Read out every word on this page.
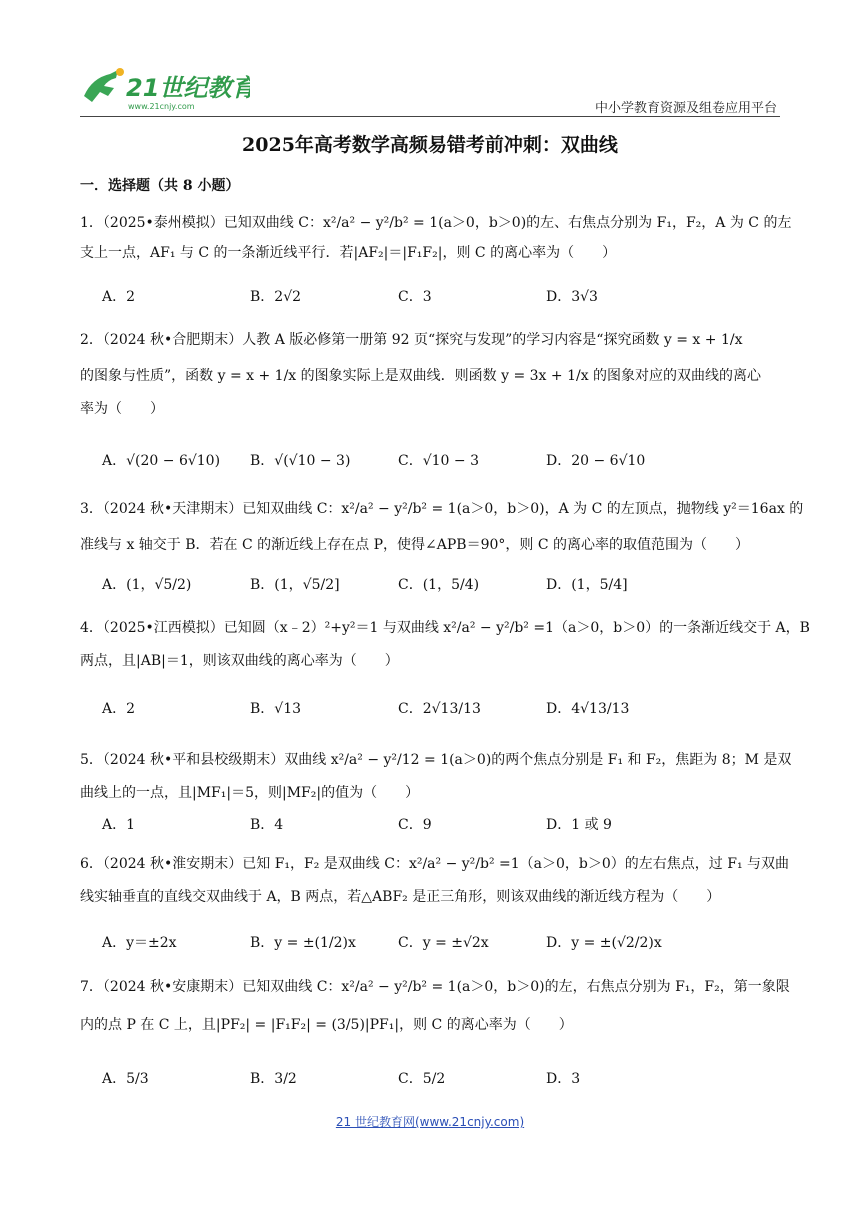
21世纪教育
www.21cnjy.com	中小学教育资源及组卷应用平台
2025年高考数学高频易错考前冲刺：双曲线
一．选择题（共 8 小题）
1．（2025•泰州模拟）已知双曲线 C：x²/a² − y²/b² = 1(a＞0，b＞0)的左、右焦点分别为 F₁，F₂，A 为 C 的左
支上一点，AF₁ 与 C 的一条渐近线平行．若|AF₂|＝|F₁F₂|，则 C 的离心率为（　　）
A．2	B．2√2	C．3	D．3√3
2．（2024 秋•合肥期末）人教 A 版必修第一册第 92 页“探究与发现”的学习内容是“探究函数 y = x + 1/x
的图象与性质”，函数 y = x + 1/x 的图象实际上是双曲线．则函数 y = 3x + 1/x 的图象对应的双曲线的离心
率为（　　）
A．√(20 − 6√10)	B．√(√10 − 3)	C．√10 − 3	D．20 − 6√10
3．（2024 秋•天津期末）已知双曲线 C：x²/a² − y²/b² = 1(a＞0，b＞0)，A 为 C 的左顶点，抛物线 y²＝16ax 的
准线与 x 轴交于 B．若在 C 的渐近线上存在点 P，使得∠APB＝90°，则 C 的离心率的取值范围为（　　）
A．(1，√5/2)	B．(1，√5/2]	C．(1，5/4)	D．(1，5/4]
4．（2025•江西模拟）已知圆（x﹣2）²+y²＝1 与双曲线 x²/a² − y²/b² =1（a＞0，b＞0）的一条渐近线交于 A，B
两点，且|AB|＝1，则该双曲线的离心率为（　　）
A．2	B．√13	C．2√13/13	D．4√13/13
5．（2024 秋•平和县校级期末）双曲线 x²/a² − y²/12 = 1(a＞0)的两个焦点分别是 F₁ 和 F₂，焦距为 8；M 是双
曲线上的一点，且|MF₁|＝5，则|MF₂|的值为（　　）
A．1	B．4	C．9	D．1 或 9
6．（2024 秋•淮安期末）已知 F₁，F₂ 是双曲线 C：x²/a² − y²/b² =1（a＞0，b＞0）的左右焦点，过 F₁ 与双曲
线实轴垂直的直线交双曲线于 A，B 两点，若△ABF₂ 是正三角形，则该双曲线的渐近线方程为（　　）
A．y＝±2x	B．y = ±(1/2)x	C．y = ±√2x	D．y = ±(√2/2)x
7．（2024 秋•安康期末）已知双曲线 C：x²/a² − y²/b² = 1(a＞0，b＞0)的左，右焦点分别为 F₁，F₂，第一象限
内的点 P 在 C 上，且|PF₂| = |F₁F₂| = (3/5)|PF₁|，则 C 的离心率为（　　）
A．5/3	B．3/2	C．5/2	D．3
21 世纪教育网(www.21cnjy.com)
